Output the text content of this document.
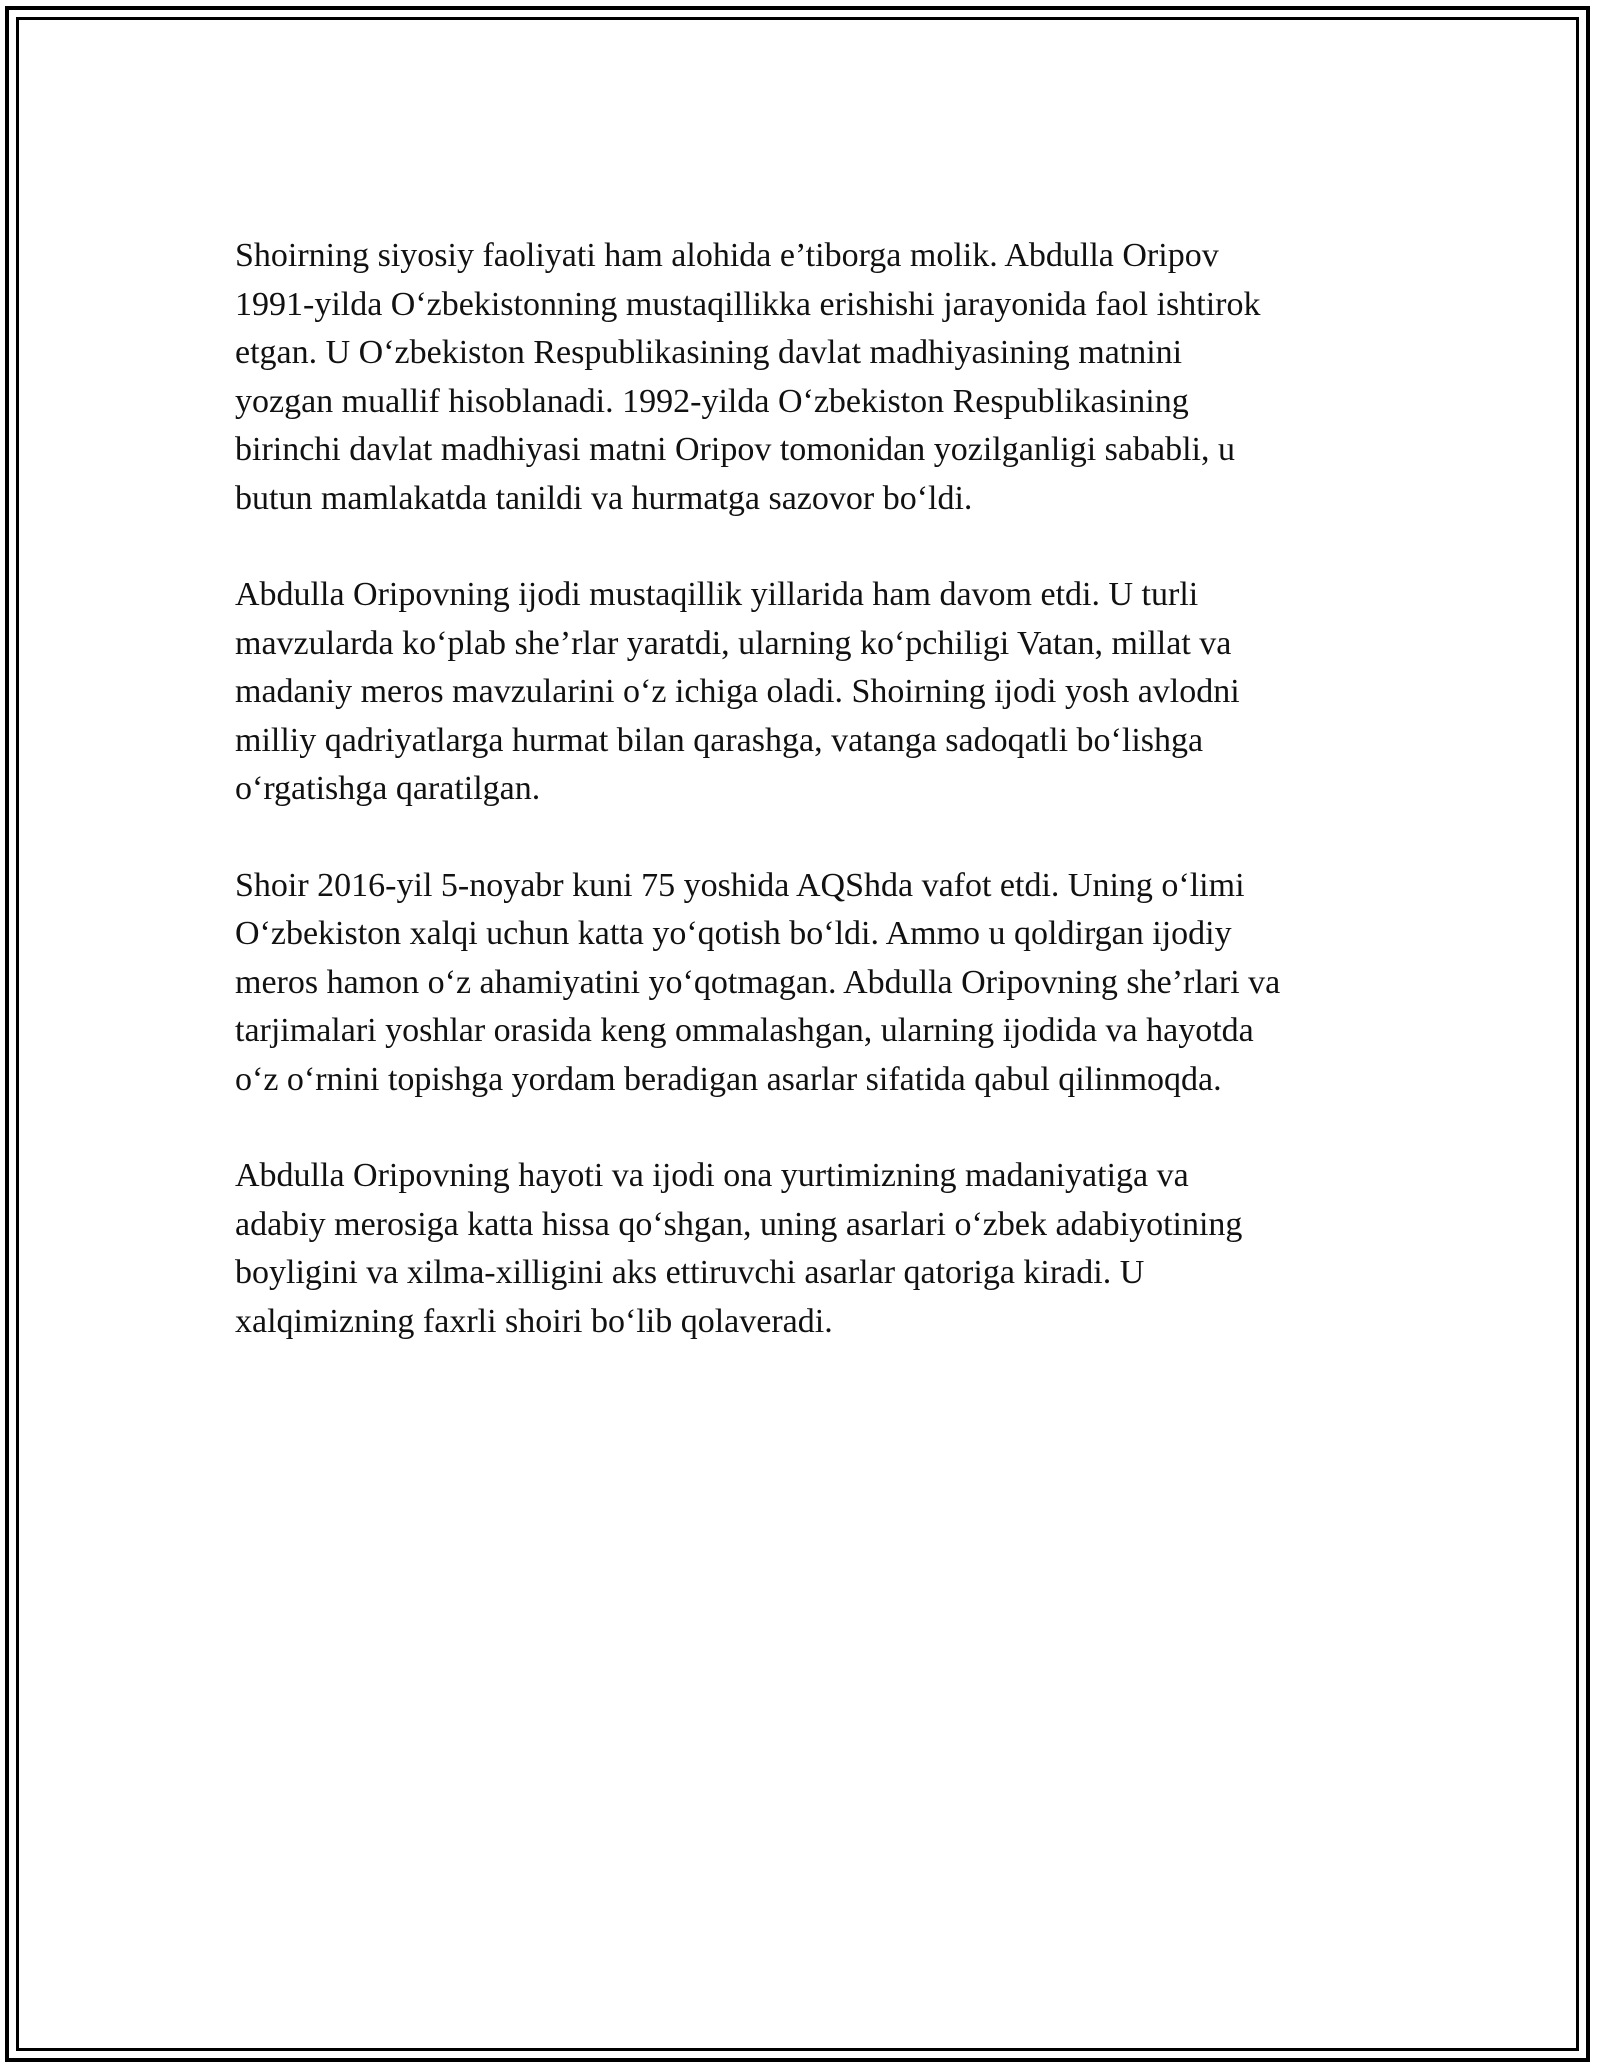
Shoirning siyosiy faoliyati ham alohida e’tiborga molik. Abdulla Oripov
1991-yilda O‘zbekistonning mustaqillikka erishishi jarayonida faol ishtirok
etgan. U O‘zbekiston Respublikasining davlat madhiyasining matnini
yozgan muallif hisoblanadi. 1992-yilda O‘zbekiston Respublikasining
birinchi davlat madhiyasi matni Oripov tomonidan yozilganligi sababli, u
butun mamlakatda tanildi va hurmatga sazovor bo‘ldi.

Abdulla Oripovning ijodi mustaqillik yillarida ham davom etdi. U turli
mavzularda ko‘plab she’rlar yaratdi, ularning ko‘pchiligi Vatan, millat va
madaniy meros mavzularini o‘z ichiga oladi. Shoirning ijodi yosh avlodni
milliy qadriyatlarga hurmat bilan qarashga, vatanga sadoqatli bo‘lishga
o‘rgatishga qaratilgan.

Shoir 2016-yil 5-noyabr kuni 75 yoshida AQShda vafot etdi. Uning o‘limi
O‘zbekiston xalqi uchun katta yo‘qotish bo‘ldi. Ammo u qoldirgan ijodiy
meros hamon o‘z ahamiyatini yo‘qotmagan. Abdulla Oripovning she’rlari va
tarjimalari yoshlar orasida keng ommalashgan, ularning ijodida va hayotda
o‘z o‘rnini topishga yordam beradigan asarlar sifatida qabul qilinmoqda.

Abdulla Oripovning hayoti va ijodi ona yurtimizning madaniyatiga va
adabiy merosiga katta hissa qo‘shgan, uning asarlari o‘zbek adabiyotining
boyligini va xilma-xilligini aks ettiruvchi asarlar qatoriga kiradi. U
xalqimizning faxrli shoiri bo‘lib qolaveradi.
